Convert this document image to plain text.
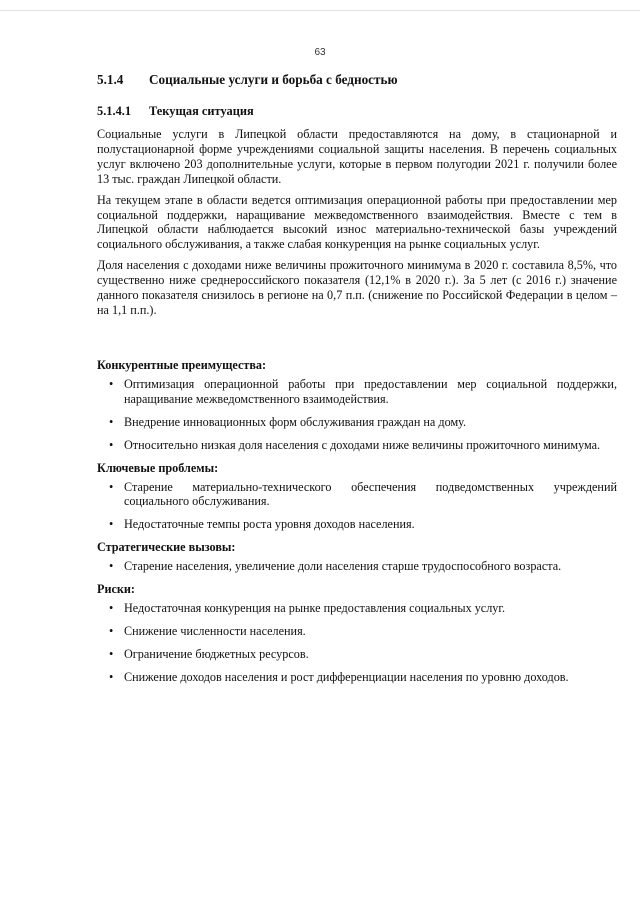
63
5.1.4	Социальные услуги и борьба с бедностью
5.1.4.1	Текущая ситуация

Социальные услуги в Липецкой области предоставляются на дому, в стационарной и полустационарной форме учреждениями социальной защиты населения. В перечень социальных услуг включено 203 дополнительные услуги, которые в первом полугодии 2021 г. получили более 13 тыс. граждан Липецкой области.

На текущем этапе в области ведется оптимизация операционной работы при предоставлении мер социальной поддержки, наращивание межведомственного взаимодействия. Вместе с тем в Липецкой области наблюдается высокий износ материально-технической базы учреждений социального обслуживания, а также слабая конкуренция на рынке социальных услуг.

Доля населения с доходами ниже величины прожиточного минимума в 2020 г. составила 8,5%, что существенно ниже среднероссийского показателя (12,1% в 2020 г.). За 5 лет (с 2016 г.) значение данного показателя снизилось в регионе на 0,7 п.п. (снижение по Российской Федерации в целом – на 1,1 п.п.).

Конкурентные преимущества:
• Оптимизация операционной работы при предоставлении мер социальной поддержки, наращивание межведомственного взаимодействия.
• Внедрение инновационных форм обслуживания граждан на дому.
• Относительно низкая доля населения с доходами ниже величины прожиточного минимума.
Ключевые проблемы:
• Старение материально-технического обеспечения подведомственных учреждений социального обслуживания.
• Недостаточные темпы роста уровня доходов населения.
Стратегические вызовы:
• Старение населения, увеличение доли населения старше трудоспособного возраста.
Риски:
• Недостаточная конкуренция на рынке предоставления социальных услуг.
• Снижение численности населения.
• Ограничение бюджетных ресурсов.
• Снижение доходов населения и рост дифференциации населения по уровню доходов.
